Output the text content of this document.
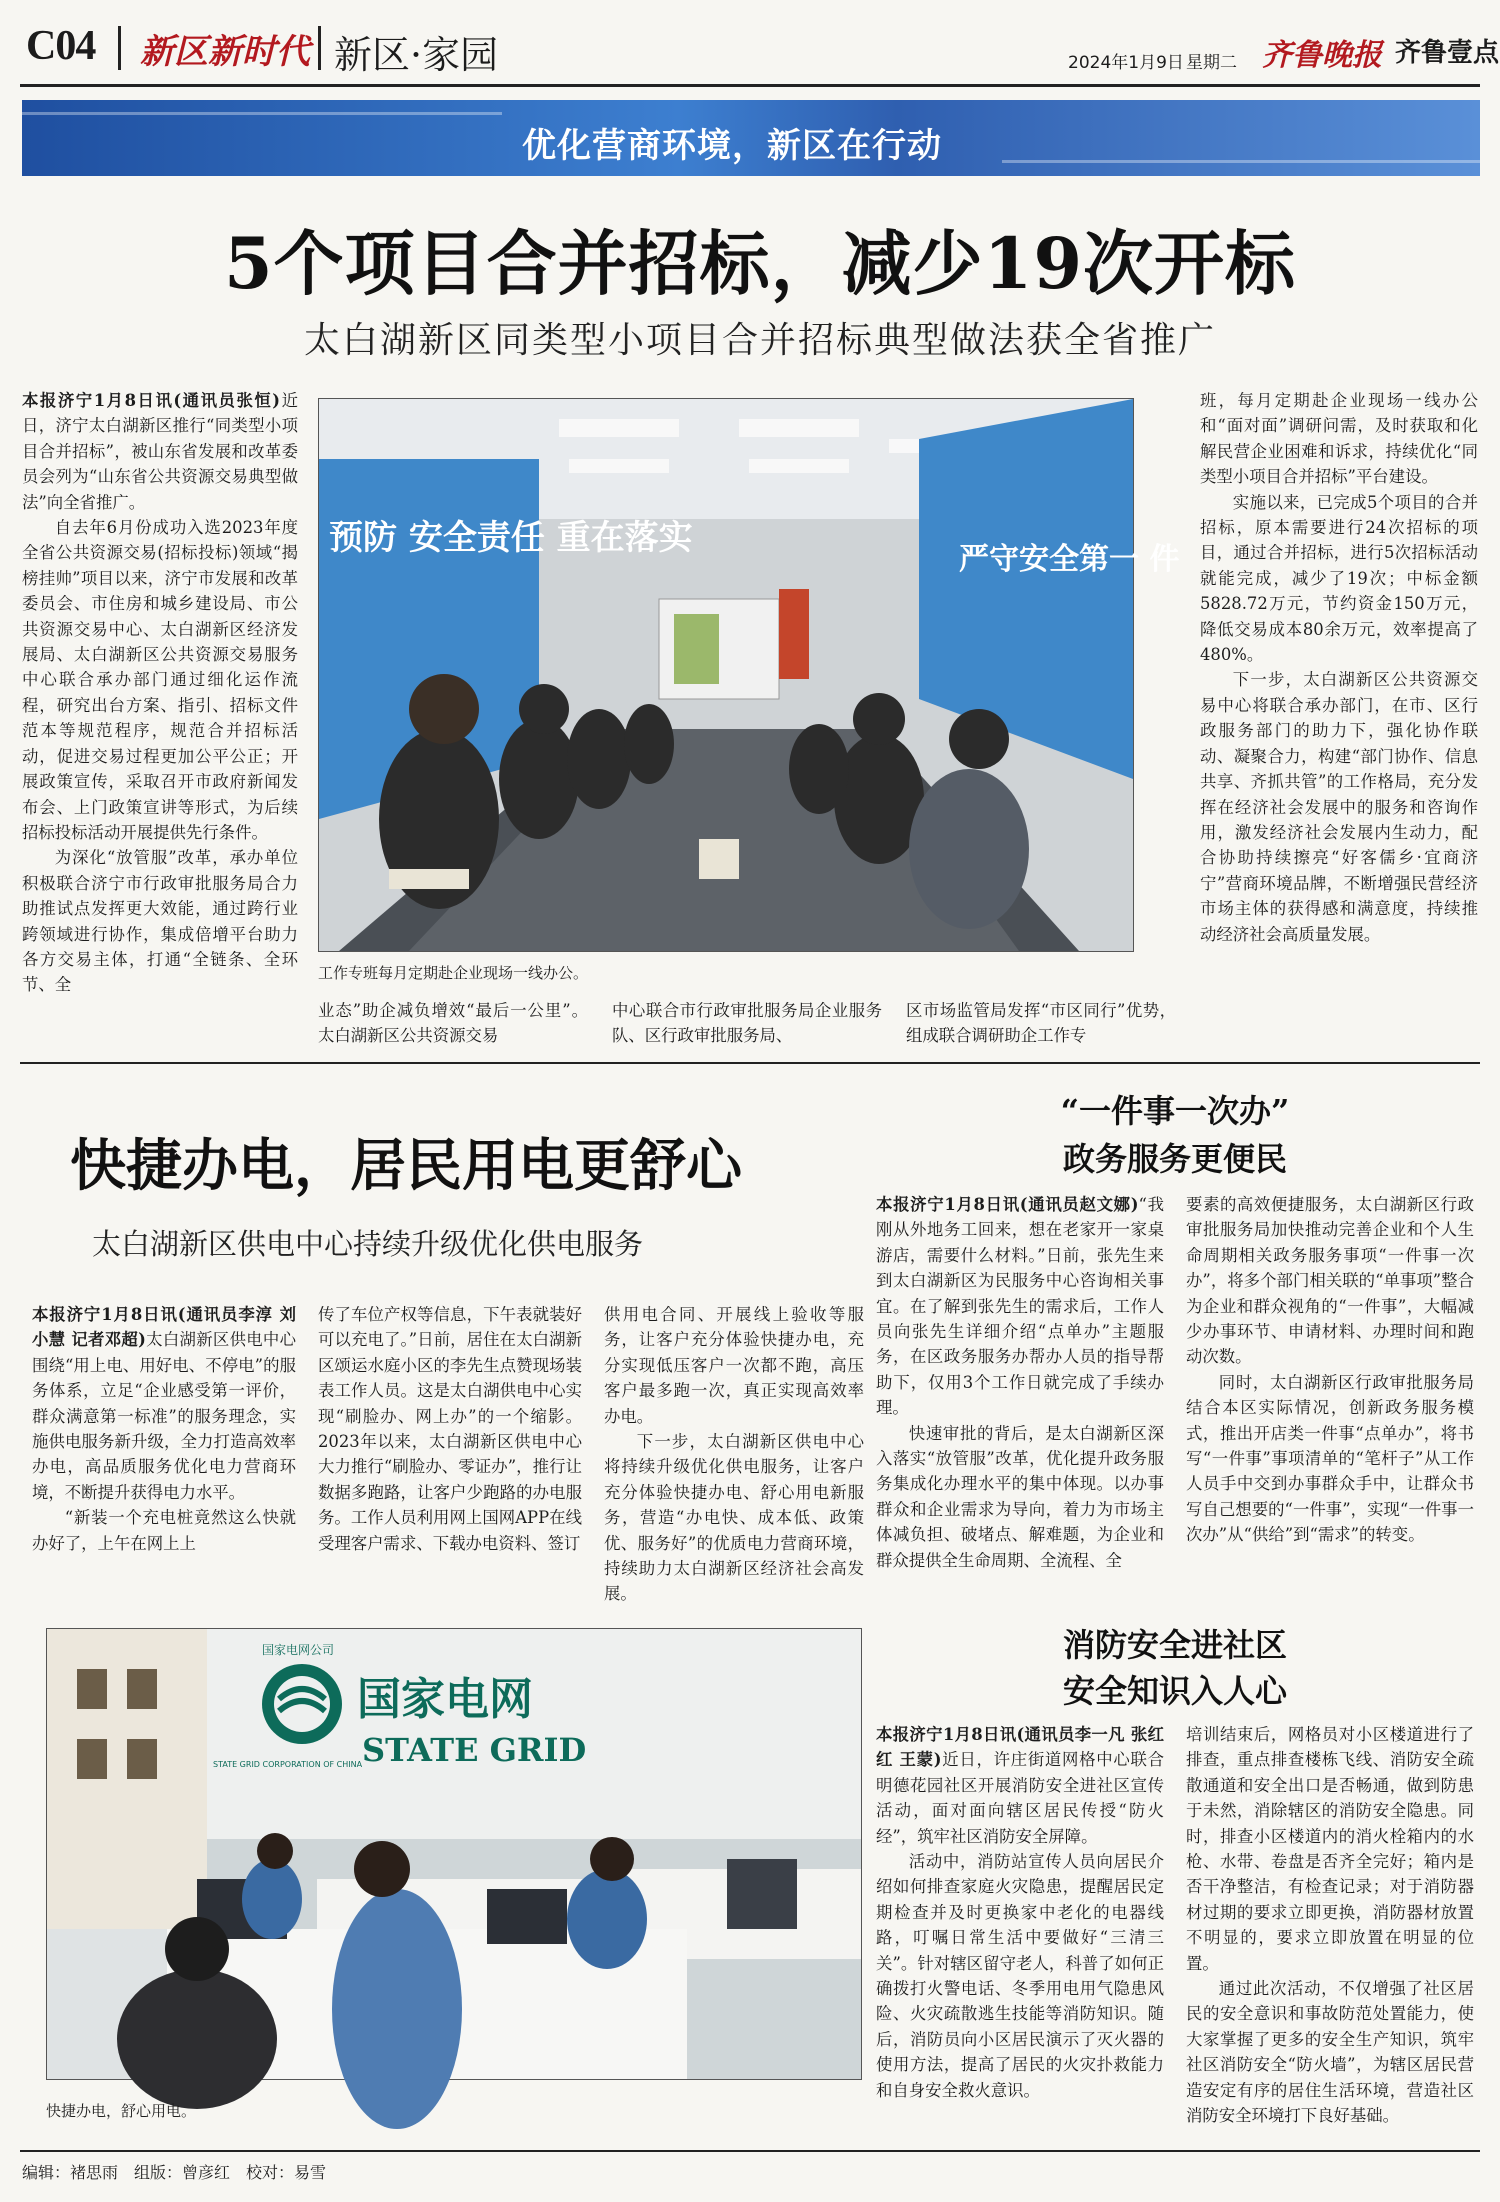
C04 新区新时代 新区·家园	2024年1月9日 星期二 齐鲁晚报 齐鲁壹点
优化营商环境，新区在行动
5个项目合并招标，减少19次开标
太白湖新区同类型小项目合并招标典型做法获全省推广

本报济宁1月8日讯(通讯员张恒)近日，济宁太白湖新区推行“同类型小项目合并招标”，被山东省发展和改革委员会列为“山东省公共资源交易典型做法”向全省推广。

自去年6月份成功入选2023年度全省公共资源交易(招标投标)领域“揭榜挂帅”项目以来，济宁市发展和改革委员会、市住房和城乡建设局、市公共资源交易中心、太白湖新区经济发展局、太白湖新区公共资源交易服务中心联合承办部门通过细化运作流程，研究出台方案、指引、招标文件范本等规范程序，规范合并招标活动，促进交易过程更加公平公正；开展政策宣传，采取召开市政府新闻发布会、上门政策宣讲等形式，为后续招标投标活动开展提供先行条件。

为深化“放管服”改革，承办单位积极联合济宁市行政审批服务局合力助推试点发挥更大效能，通过跨行业跨领域进行协作，集成倍增平台助力各方交易主体，打通“全链条、全环节、全

预防 安全责任 重在落实
严守安全第一 件
工作专班每月定期赴企业现场一线办公。

业态”助企减负增效“最后一公里”。太白湖新区公共资源交易

中心联合市行政审批服务局企业服务队、区行政审批服务局、

区市场监管局发挥“市区同行”优势，组成联合调研助企工作专

班，每月定期赴企业现场一线办公和“面对面”调研问需，及时获取和化解民营企业困难和诉求，持续优化“同类型小项目合并招标”平台建设。

实施以来，已完成5个项目的合并招标，原本需要进行24次招标的项目，通过合并招标，进行5次招标活动就能完成，减少了19次；中标金额5828.72万元，节约资金150万元，降低交易成本80余万元，效率提高了480%。

下一步，太白湖新区公共资源交易中心将联合承办部门，在市、区行政服务部门的助力下，强化协作联动、凝聚合力，构建“部门协作、信息共享、齐抓共管”的工作格局，充分发挥在经济社会发展中的服务和咨询作用，激发经济社会发展内生动力，配合协助持续擦亮“好客儒乡·宜商济宁”营商环境品牌，不断增强民营经济市场主体的获得感和满意度，持续推动经济社会高质量发展。

快捷办电，居民用电更舒心
太白湖新区供电中心持续升级优化供电服务

本报济宁1月8日讯(通讯员李淳 刘小慧 记者邓超)太白湖新区供电中心围绕“用上电、用好电、不停电”的服务体系，立足“企业感受第一评价，群众满意第一标准”的服务理念，实施供电服务新升级，全力打造高效率办电，高品质服务优化电力营商环境，不断提升获得电力水平。

“新装一个充电桩竟然这么快就办好了，上午在网上上

传了车位产权等信息，下午表就装好可以充电了。”日前，居住在太白湖新区颂运水庭小区的李先生点赞现场装表工作人员。这是太白湖供电中心实现“刷脸办、网上办”的一个缩影。2023年以来，太白湖新区供电中心大力推行“刷脸办、零证办”，推行让数据多跑路，让客户少跑路的办电服务。工作人员利用网上国网APP在线受理客户需求、下载办电资料、签订

供用电合同、开展线上验收等服务，让客户充分体验快捷办电，充分实现低压客户一次都不跑，高压客户最多跑一次，真正实现高效率办电。

下一步，太白湖新区供电中心将持续升级优化供电服务，让客户充分体验快捷办电、舒心用电新服务，营造“办电快、成本低、政策优、服务好”的优质电力营商环境，持续助力太白湖新区经济社会高发展。

国家电网公司
STATE GRID CORPORATION OF CHINA
国家电网
STATE GRID
快捷办电，舒心用电。
“一件事一次办”
政务服务更便民

本报济宁1月8日讯(通讯员赵文娜)“我刚从外地务工回来，想在老家开一家桌游店，需要什么材料。”日前，张先生来到太白湖新区为民服务中心咨询相关事宜。在了解到张先生的需求后，工作人员向张先生详细介绍“点单办”主题服务，在区政务服务办帮办人员的指导帮助下，仅用3个工作日就完成了手续办理。

快速审批的背后，是太白湖新区深入落实“放管服”改革，优化提升政务服务集成化办理水平的集中体现。以办事群众和企业需求为导向，着力为市场主体减负担、破堵点、解难题，为企业和群众提供全生命周期、全流程、全

要素的高效便捷服务，太白湖新区行政审批服务局加快推动完善企业和个人生命周期相关政务服务事项“一件事一次办”，将多个部门相关联的“单事项”整合为企业和群众视角的“一件事”，大幅减少办事环节、申请材料、办理时间和跑动次数。

同时，太白湖新区行政审批服务局结合本区实际情况，创新政务服务模式，推出开店类一件事“点单办”，将书写“一件事”事项清单的“笔杆子”从工作人员手中交到办事群众手中，让群众书写自己想要的“一件事”，实现“一件事一次办”从“供给”到“需求”的转变。

消防安全进社区
安全知识入人心

本报济宁1月8日讯(通讯员李一凡 张红红 王蒙)近日，许庄街道网格中心联合明德花园社区开展消防安全进社区宣传活动，面对面向辖区居民传授“防火经”，筑牢社区消防安全屏障。

活动中，消防站宣传人员向居民介绍如何排查家庭火灾隐患，提醒居民定期检查并及时更换家中老化的电器线路，叮嘱日常生活中要做好“三清三关”。针对辖区留守老人，科普了如何正确拨打火警电话、冬季用电用气隐患风险、火灾疏散逃生技能等消防知识。随后，消防员向小区居民演示了灭火器的使用方法，提高了居民的火灾扑救能力和自身安全救火意识。

培训结束后，网格员对小区楼道进行了排查，重点排查楼栋飞线、消防安全疏散通道和安全出口是否畅通，做到防患于未然，消除辖区的消防安全隐患。同时，排查小区楼道内的消火栓箱内的水枪、水带、卷盘是否齐全完好；箱内是否干净整洁，有检查记录；对于消防器材过期的要求立即更换，消防器材放置不明显的，要求立即放置在明显的位置。

通过此次活动，不仅增强了社区居民的安全意识和事故防范处置能力，使大家掌握了更多的安全生产知识，筑牢社区消防安全“防火墙”，为辖区居民营造安定有序的居住生活环境，营造社区消防安全环境打下良好基础。

编辑：褚思雨　组版：曾彦红　校对：易雪
